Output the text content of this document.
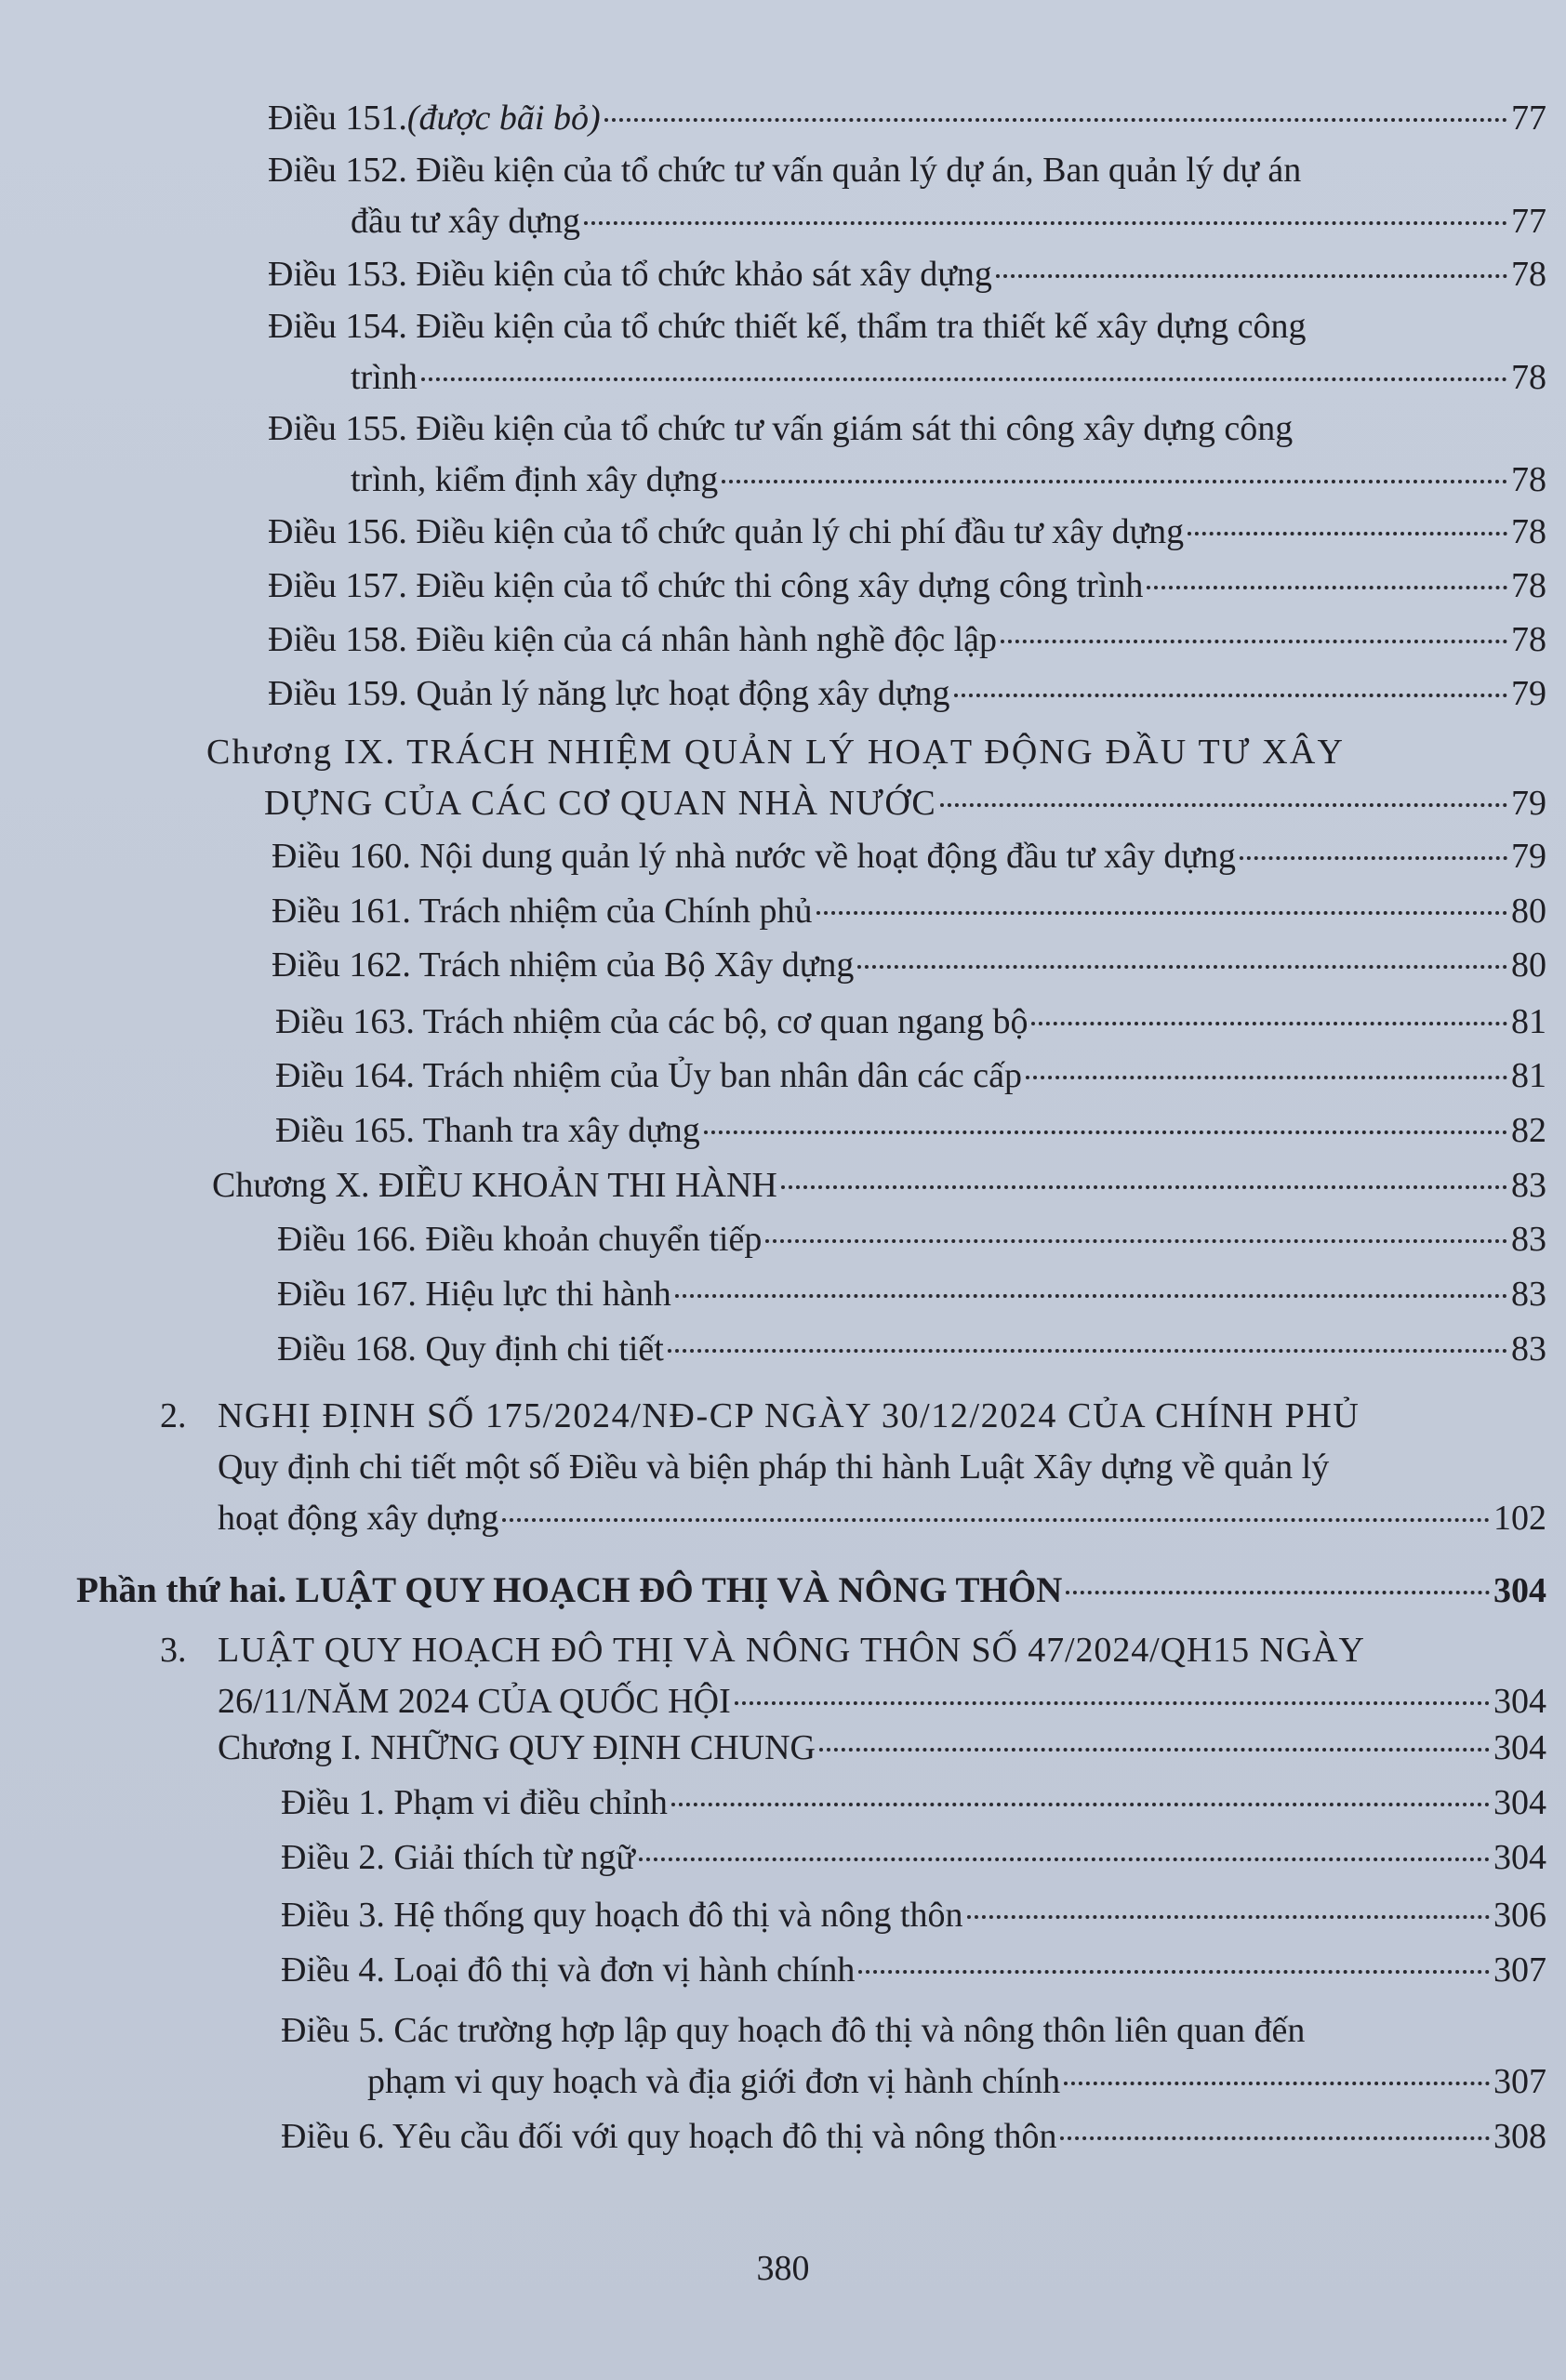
Điều 151. (được bãi bỏ)	77
Điều 152. Điều kiện của tổ chức tư vấn quản lý dự án, Ban quản lý dự án
đầu tư xây dựng	77
Điều 153. Điều kiện của tổ chức khảo sát xây dựng	78
Điều 154. Điều kiện của tổ chức thiết kế, thẩm tra thiết kế xây dựng công
trình	78
Điều 155. Điều kiện của tổ chức tư vấn giám sát thi công xây dựng công
trình, kiểm định xây dựng	78
Điều 156. Điều kiện của tổ chức quản lý chi phí đầu tư xây dựng	78
Điều 157. Điều kiện của tổ chức thi công xây dựng công trình	78
Điều 158. Điều kiện của cá nhân hành nghề độc lập	78
Điều 159. Quản lý năng lực hoạt động xây dựng	79
Chương IX. TRÁCH NHIỆM QUẢN LÝ HOẠT ĐỘNG ĐẦU TƯ XÂY
DỰNG CỦA CÁC CƠ QUAN NHÀ NƯỚC	79
Điều 160. Nội dung quản lý nhà nước về hoạt động đầu tư xây dựng	79
Điều 161. Trách nhiệm của Chính phủ	80
Điều 162. Trách nhiệm của Bộ Xây dựng	80
Điều 163. Trách nhiệm của các bộ, cơ quan ngang bộ	81
Điều 164. Trách nhiệm của Ủy ban nhân dân các cấp	81
Điều 165. Thanh tra xây dựng	82
Chương X. ĐIỀU KHOẢN THI HÀNH	83
Điều 166. Điều khoản chuyển tiếp	83
Điều 167. Hiệu lực thi hành	83
Điều 168. Quy định chi tiết	83
2. NGHỊ ĐỊNH SỐ 175/2024/NĐ-CP NGÀY 30/12/2024 CỦA CHÍNH PHỦ
Quy định chi tiết một số Điều và biện pháp thi hành Luật Xây dựng về quản lý
hoạt động xây dựng	102
Phần thứ hai. LUẬT QUY HOẠCH ĐÔ THỊ VÀ NÔNG THÔN	304
3. LUẬT QUY HOẠCH ĐÔ THỊ VÀ NÔNG THÔN SỐ 47/2024/QH15 NGÀY
26/11/NĂM 2024 CỦA QUỐC HỘI	304
Chương I. NHỮNG QUY ĐỊNH CHUNG	304
Điều 1. Phạm vi điều chỉnh	304
Điều 2. Giải thích từ ngữ	304
Điều 3. Hệ thống quy hoạch đô thị và nông thôn	306
Điều 4. Loại đô thị và đơn vị hành chính	307
Điều 5. Các trường hợp lập quy hoạch đô thị và nông thôn liên quan đến
phạm vi quy hoạch và địa giới đơn vị hành chính	307
Điều 6. Yêu cầu đối với quy hoạch đô thị và nông thôn	308
380
